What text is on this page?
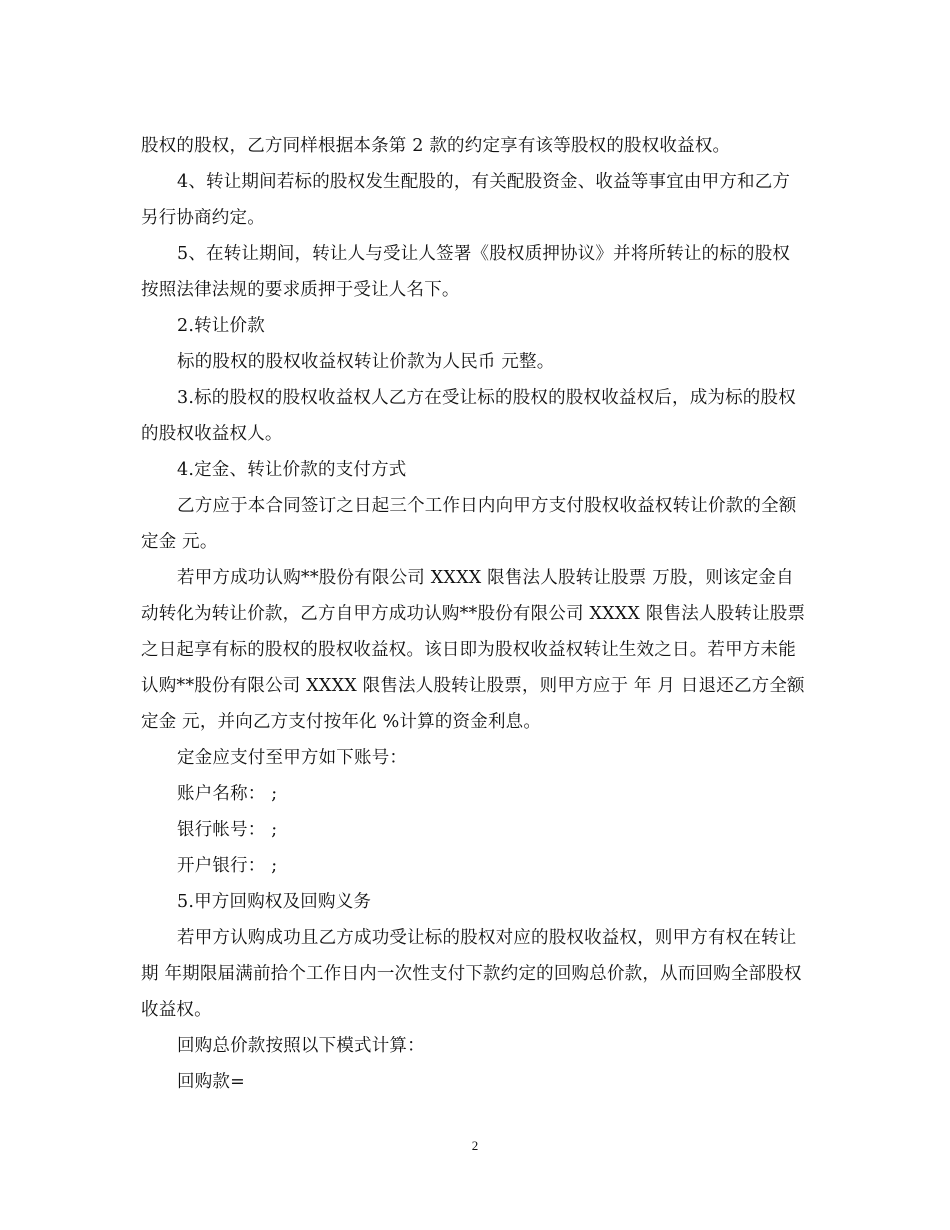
股权的股权，乙方同样根据本条第 2 款的约定享有该等股权的股权收益权。

4、转让期间若标的股权发生配股的，有关配股资金、收益等事宜由甲方和乙方另行协商约定。

5、在转让期间，转让人与受让人签署《股权质押协议》并将所转让的标的股权按照法律法规的要求质押于受让人名下。

2.转让价款

标的股权的股权收益权转让价款为人民币 元整。

3.标的股权的股权收益权人乙方在受让标的股权的股权收益权后，成为标的股权的股权收益权人。

4.定金、转让价款的支付方式

乙方应于本合同签订之日起三个工作日内向甲方支付股权收益权转让价款的全额定金 元。

若甲方成功认购**股份有限公司 XXXX 限售法人股转让股票 万股，则该定金自动转化为转让价款，乙方自甲方成功认购**股份有限公司 XXXX 限售法人股转让股票之日起享有标的股权的股权收益权。该日即为股权收益权转让生效之日。若甲方未能认购**股份有限公司 XXXX 限售法人股转让股票，则甲方应于 年 月 日退还乙方全额定金 元，并向乙方支付按年化 %计算的资金利息。

定金应支付至甲方如下账号：

账户名称： ;

银行帐号： ;

开户银行： ;

5.甲方回购权及回购义务

若甲方认购成功且乙方成功受让标的股权对应的股权收益权，则甲方有权在转让期 年期限届满前拾个工作日内一次性支付下款约定的回购总价款，从而回购全部股权收益权。

回购总价款按照以下模式计算：

回购款=

2
